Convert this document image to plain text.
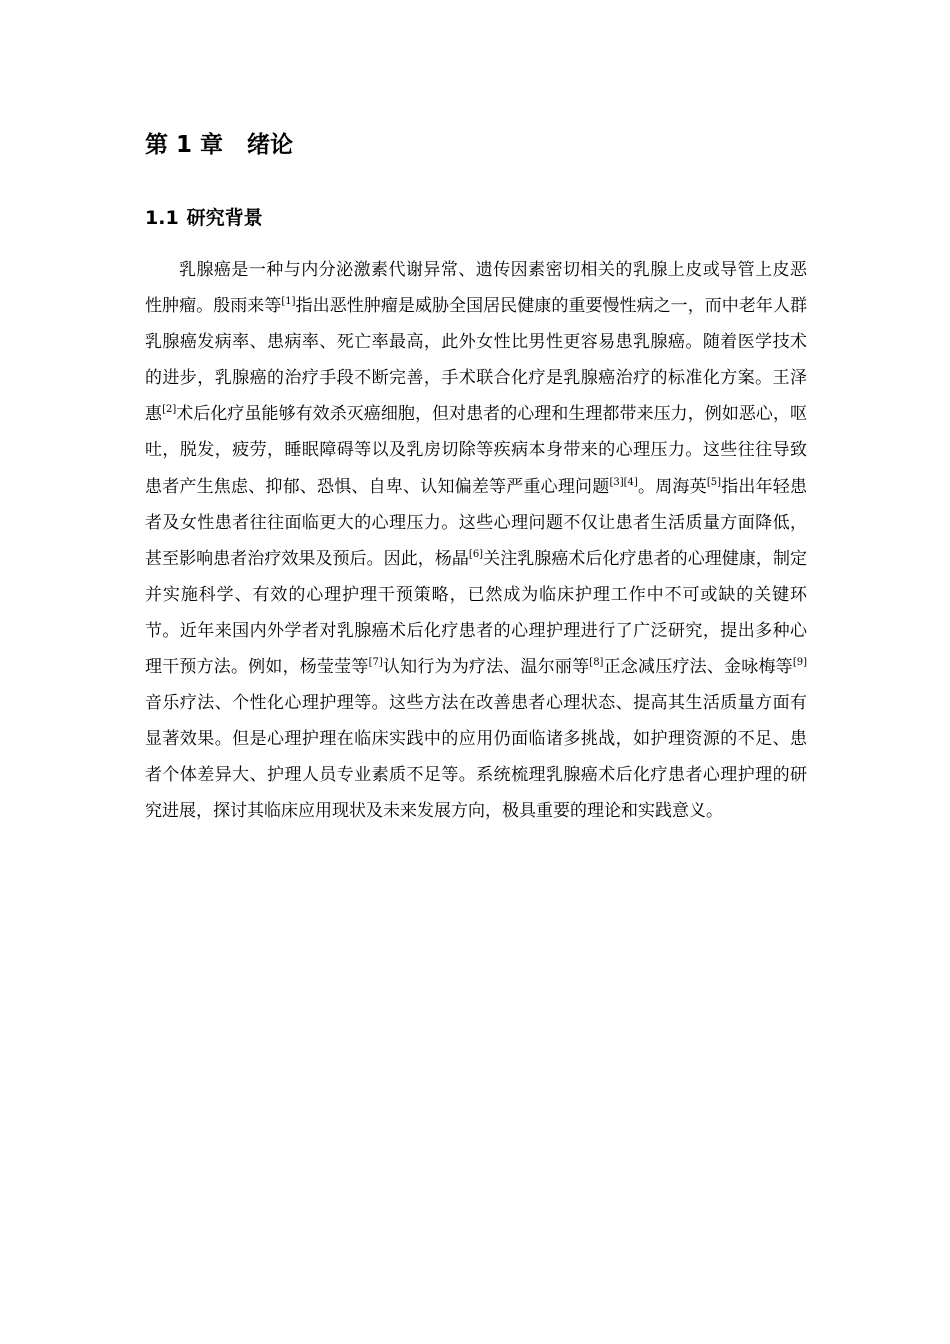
第 1 章 绪论
1.1 研究背景

乳腺癌是一种与内分泌激素代谢异常、遗传因素密切相关的乳腺上皮或导管上皮恶性肿瘤。殷雨来等[1]指出恶性肿瘤是威胁全国居民健康的重要慢性病之一，而中老年人群乳腺癌发病率、患病率、死亡率最高，此外女性比男性更容易患乳腺癌。随着医学技术的进步，乳腺癌的治疗手段不断完善，手术联合化疗是乳腺癌治疗的标准化方案。王泽惠[2]术后化疗虽能够有效杀灭癌细胞，但对患者的心理和生理都带来压力，例如恶心，呕吐，脱发，疲劳，睡眠障碍等以及乳房切除等疾病本身带来的心理压力。这些往往导致患者产生焦虑、抑郁、恐惧、自卑、认知偏差等严重心理问题[3][4]。周海英[5]指出年轻患者及女性患者往往面临更大的心理压力。这些心理问题不仅让患者生活质量方面降低，甚至影响患者治疗效果及预后。因此，杨晶[6]关注乳腺癌术后化疗患者的心理健康，制定并实施科学、有效的心理护理干预策略，已然成为临床护理工作中不可或缺的关键环节。近年来国内外学者对乳腺癌术后化疗患者的心理护理进行了广泛研究，提出多种心理干预方法。例如，杨莹莹等[7]认知行为为疗法、温尔丽等[8]正念减压疗法、金咏梅等[9]音乐疗法、个性化心理护理等。这些方法在改善患者心理状态、提高其生活质量方面有显著效果。但是心理护理在临床实践中的应用仍面临诸多挑战，如护理资源的不足、患者个体差异大、护理人员专业素质不足等。系统梳理乳腺癌术后化疗患者心理护理的研究进展，探讨其临床应用现状及未来发展方向，极具重要的理论和实践意义。
